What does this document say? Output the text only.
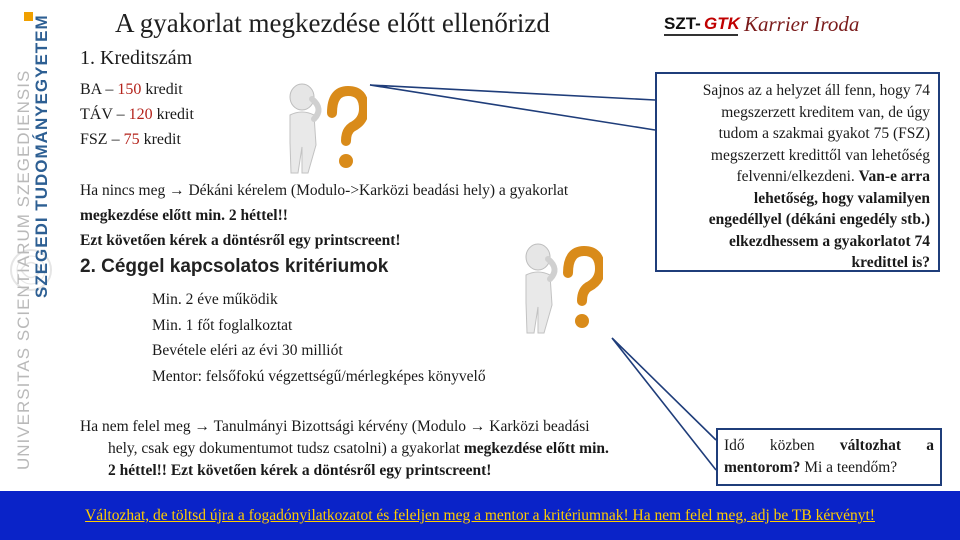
SZEGEDI TUDOMÁNYEGYETEM
UNIVERSITAS SCIENTIARUM SZEGEDIENSIS
A gyakorlat megkezdése előtt ellenőrizd	SZT- GTK Karrier Iroda
1. Kreditszám
BA – 150 kredit
TÁV – 120 kredit
FSZ – 75 kredit
Ha nincs meg → Dékáni kérelem (Modulo->Karközi beadási hely) a gyakorlat
megkezdése előtt min. 2 héttel!!
Ezt követően kérek a döntésről egy printscreent!
2. Céggel kapcsolatos kritériumok
Min. 2 éve működik
Min. 1 főt foglalkoztat
Bevétele eléri az évi 30 milliót
Mentor: felsőfokú végzettségű/mérlegképes könyvelő
Ha nem felel meg → Tanulmányi Bizottsági kérvény (Modulo → Karközi beadási
hely, csak egy dokumentumot tudsz csatolni) a gyakorlat megkezdése előtt min.
2 héttel!! Ezt követően kérek a döntésről egy printscreent!
Sajnos az a helyzet áll fenn, hogy 74
megszerzett kreditem van, de úgy
tudom a szakmai gyakot 75 (FSZ)
megszerzett kredittől van lehetőség
felvenni/elkezdeni. Van-e arra
lehetőség, hogy valamilyen
engedéllyel (dékáni engedély stb.)
elkezdhessem a gyakorlatot 74
kredittel is?
Idő közben változhat a
mentorom? Mi a teendőm?
Változhat, de töltsd újra a fogadónyilatkozatot és feleljen meg a mentor a kritériumnak! Ha nem felel meg, adj be TB kérvényt!
